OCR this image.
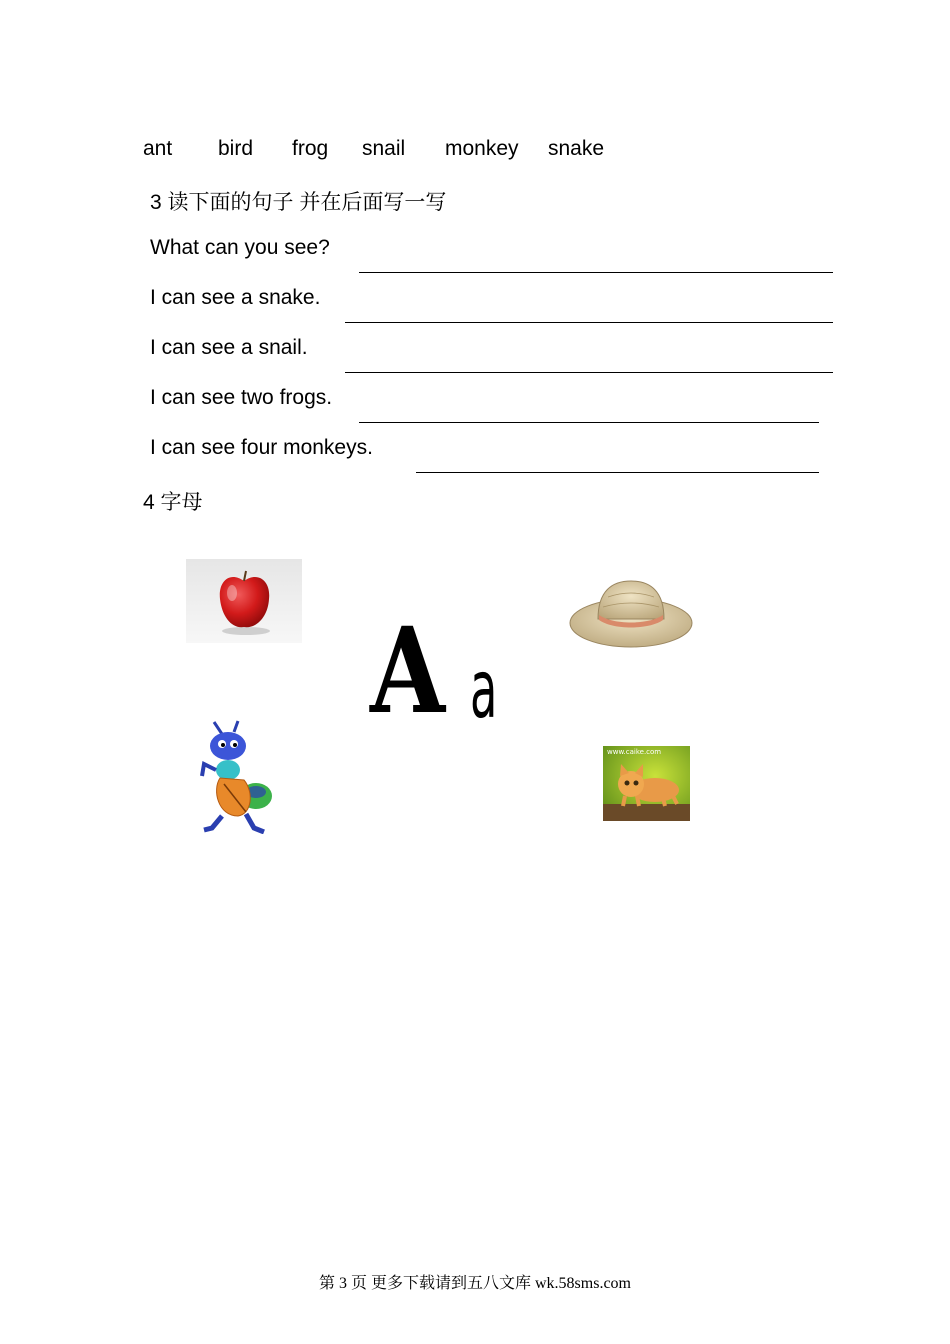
ant bird frog snail monkey snake
3 读下面的句子 并在后面写一写
What can you see?
I can see a snake.
I can see a snail.
I can see two frogs.
I can see four monkeys.
4 字母
A a
www.caike.com
第 3 页 更多下载请到五八文库 wk.58sms.com
